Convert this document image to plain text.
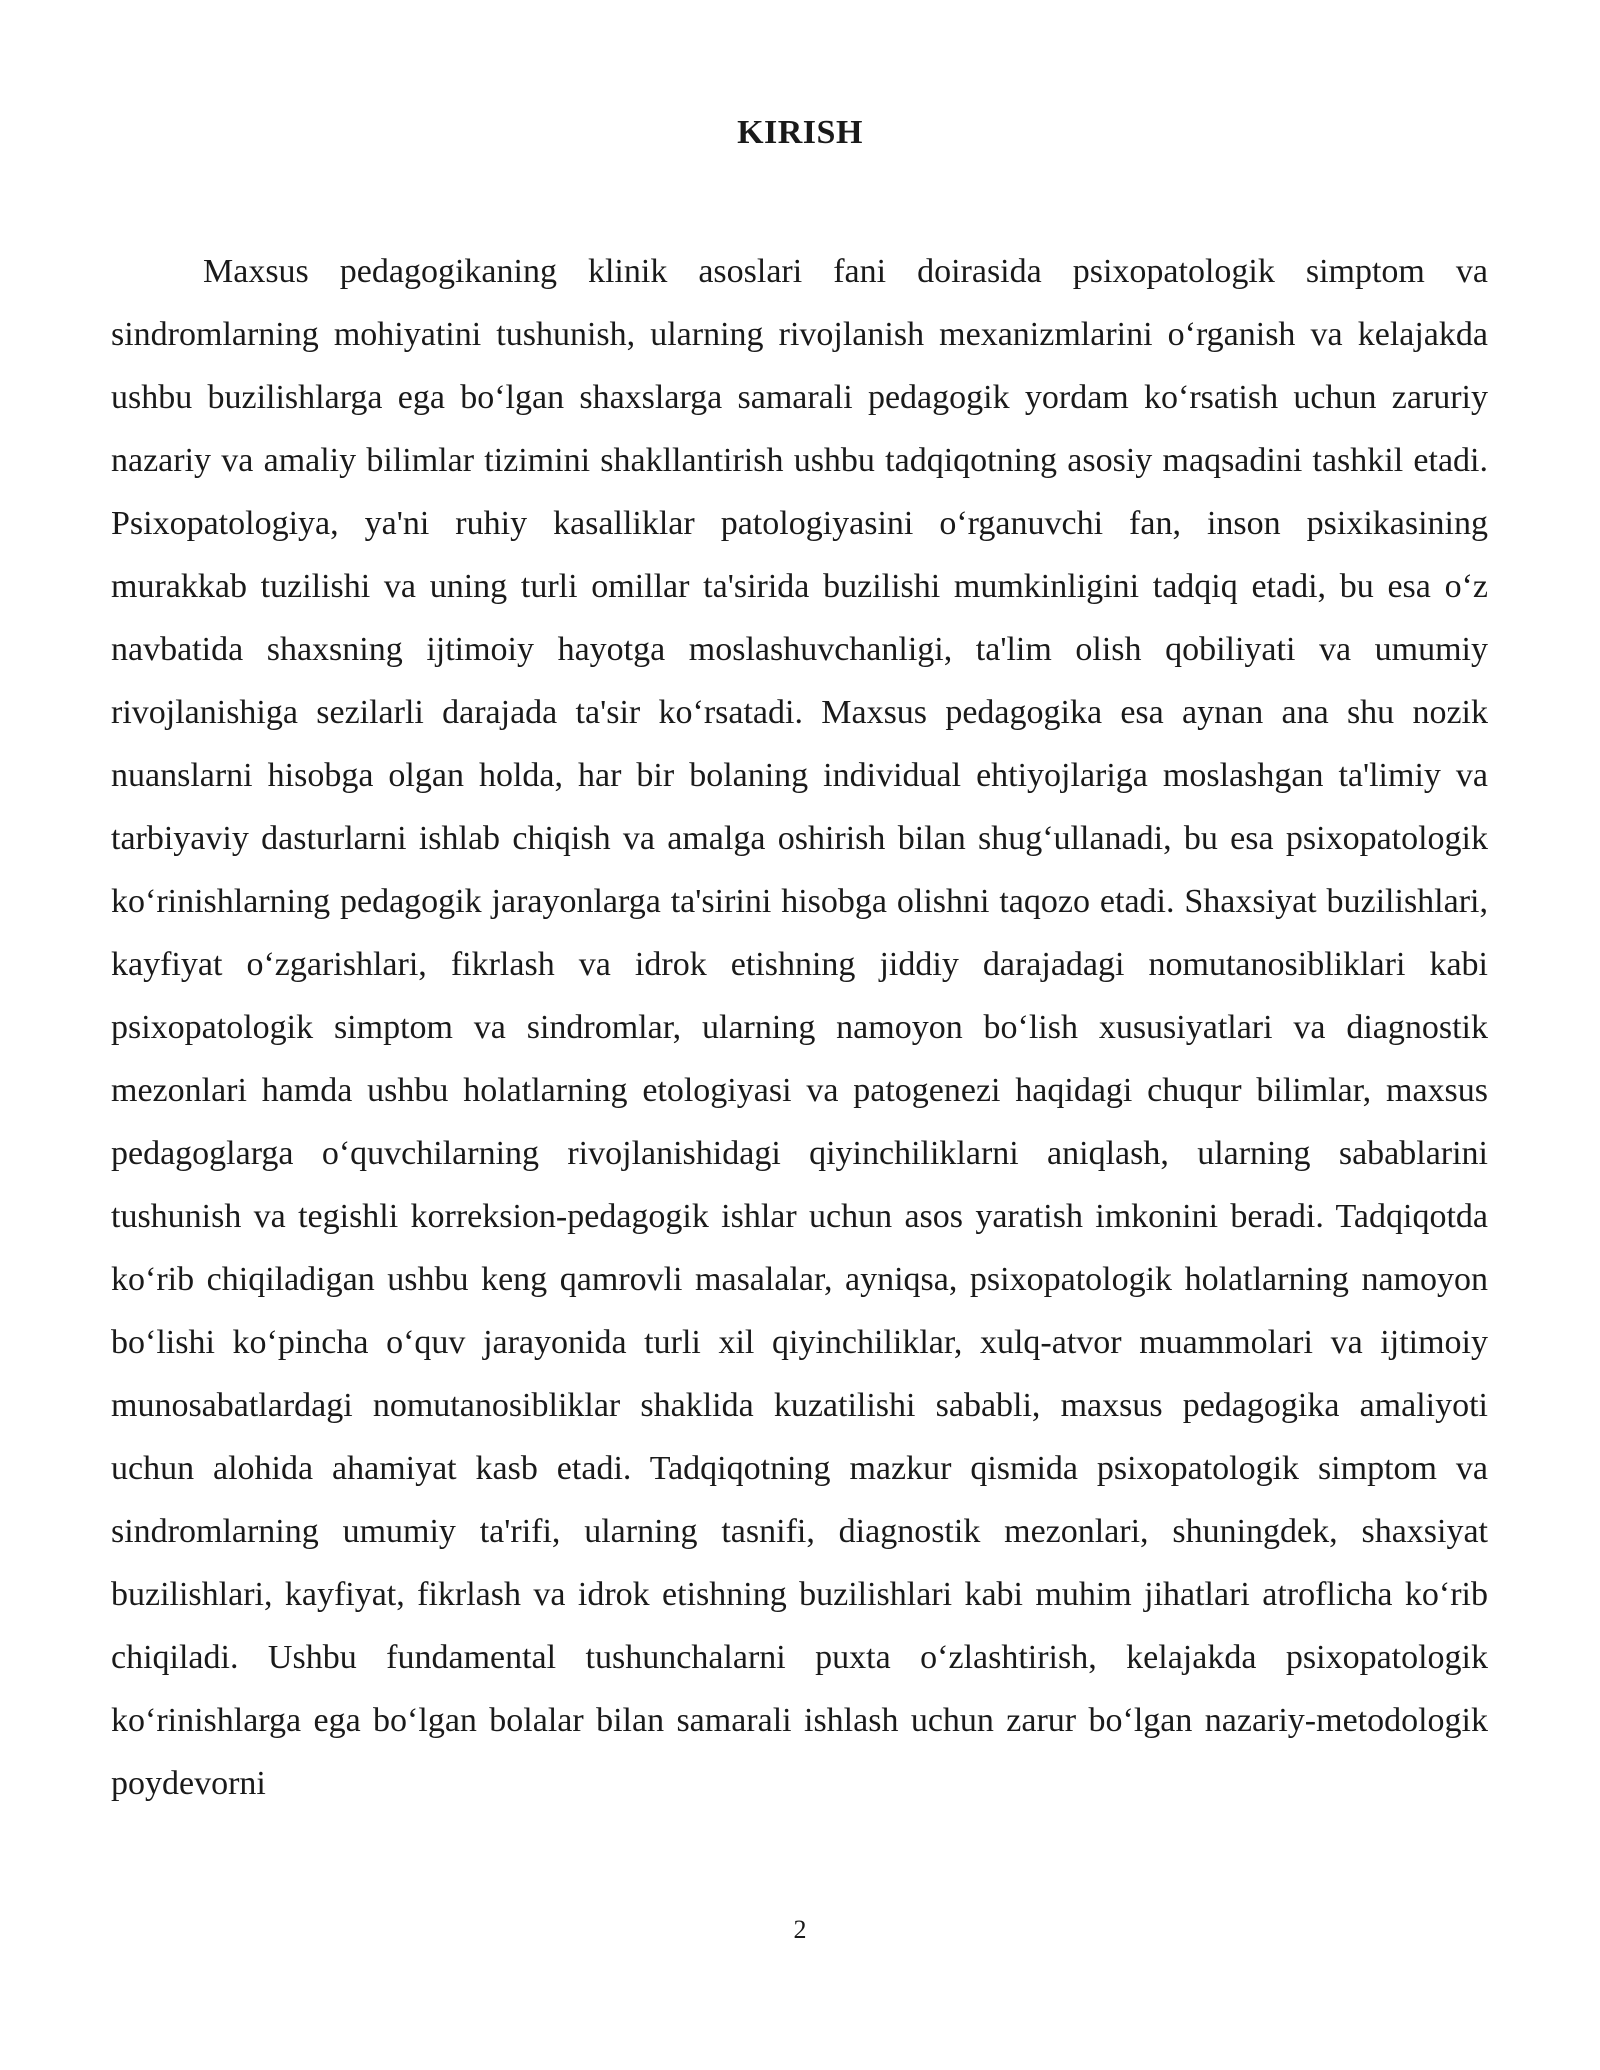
KIRISH

Maxsus pedagogikaning klinik asoslari fani doirasida psixopatologik simptom va sindromlarning mohiyatini tushunish, ularning rivojlanish mexanizmlarini o‘rganish va kelajakda ushbu buzilishlarga ega bo‘lgan shaxslarga samarali pedagogik yordam ko‘rsatish uchun zaruriy nazariy va amaliy bilimlar tizimini shakllantirish ushbu tadqiqotning asosiy maqsadini tashkil etadi. Psixopatologiya, ya'ni ruhiy kasalliklar patologiyasini o‘rganuvchi fan, inson psixikasining murakkab tuzilishi va uning turli omillar ta'sirida buzilishi mumkinligini tadqiq etadi, bu esa o‘z navbatida shaxsning ijtimoiy hayotga moslashuvchanligi, ta'lim olish qobiliyati va umumiy rivojlanishiga sezilarli darajada ta'sir ko‘rsatadi. Maxsus pedagogika esa aynan ana shu nozik nuanslarni hisobga olgan holda, har bir bolaning individual ehtiyojlariga moslashgan ta'limiy va tarbiyaviy dasturlarni ishlab chiqish va amalga oshirish bilan shug‘ullanadi, bu esa psixopatologik ko‘rinishlarning pedagogik jarayonlarga ta'sirini hisobga olishni taqozo etadi. Shaxsiyat buzilishlari, kayfiyat o‘zgarishlari, fikrlash va idrok etishning jiddiy darajadagi nomutanosibliklari kabi psixopatologik simptom va sindromlar, ularning namoyon bo‘lish xususiyatlari va diagnostik mezonlari hamda ushbu holatlarning etologiyasi va patogenezi haqidagi chuqur bilimlar, maxsus pedagoglarga o‘quvchilarning rivojlanishidagi qiyinchiliklarni aniqlash, ularning sabablarini tushunish va tegishli korreksion-pedagogik ishlar uchun asos yaratish imkonini beradi. Tadqiqotda ko‘rib chiqiladigan ushbu keng qamrovli masalalar, ayniqsa, psixopatologik holatlarning namoyon bo‘lishi ko‘pincha o‘quv jarayonida turli xil qiyinchiliklar, xulq-atvor muammolari va ijtimoiy munosabatlardagi nomutanosibliklar shaklida kuzatilishi sababli, maxsus pedagogika amaliyoti uchun alohida ahamiyat kasb etadi. Tadqiqotning mazkur qismida psixopatologik simptom va sindromlarning umumiy ta'rifi, ularning tasnifi, diagnostik mezonlari, shuningdek, shaxsiyat buzilishlari, kayfiyat, fikrlash va idrok etishning buzilishlari kabi muhim jihatlari atroflicha ko‘rib chiqiladi. Ushbu fundamental tushunchalarni puxta o‘zlashtirish, kelajakda psixopatologik ko‘rinishlarga ega bo‘lgan bolalar bilan samarali ishlash uchun zarur bo‘lgan nazariy-metodologik poydevorni

2
